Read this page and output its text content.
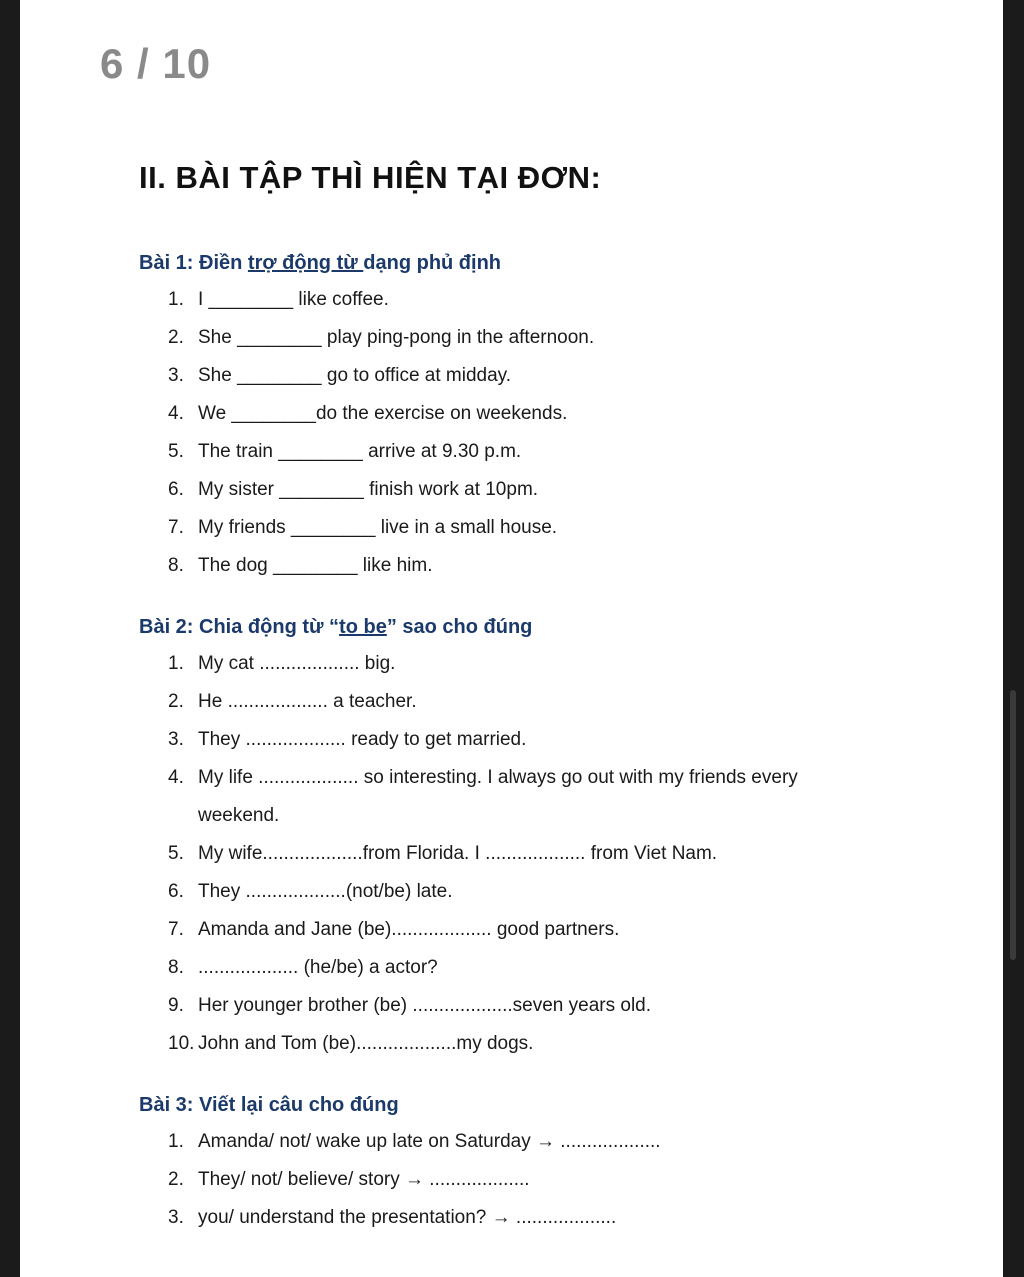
6 / 10
II. BÀI TẬP THÌ HIỆN TẠI ĐƠN:
Bài 1: Điền trợ động từ dạng phủ định
1. I ________ like coffee.
2. She ________ play ping-pong in the afternoon.
3. She ________ go to office at midday.
4. We ________do the exercise on weekends.
5. The train ________ arrive at 9.30 p.m.
6. My sister ________ finish work at 10pm.
7. My friends ________ live in a small house.
8. The dog ________ like him.
Bài 2: Chia động từ “to be” sao cho đúng
1. My cat ................... big.
2. He ................... a teacher.
3. They ................... ready to get married.
4. My life ................... so interesting. I always go out with my friends every
weekend.
5. My wife...................from Florida. I ................... from Viet Nam.
6. They ...................(not/be) late.
7. Amanda and Jane (be)................... good partners.
8. ................... (he/be) a actor?
9. Her younger brother (be) ...................seven years old.
10. John and Tom (be)...................my dogs.
Bài 3: Viết lại câu cho đúng
1. Amanda/ not/ wake up late on Saturday → ...................
2. They/ not/ believe/ story → ...................
3. you/ understand the presentation? → ...................
